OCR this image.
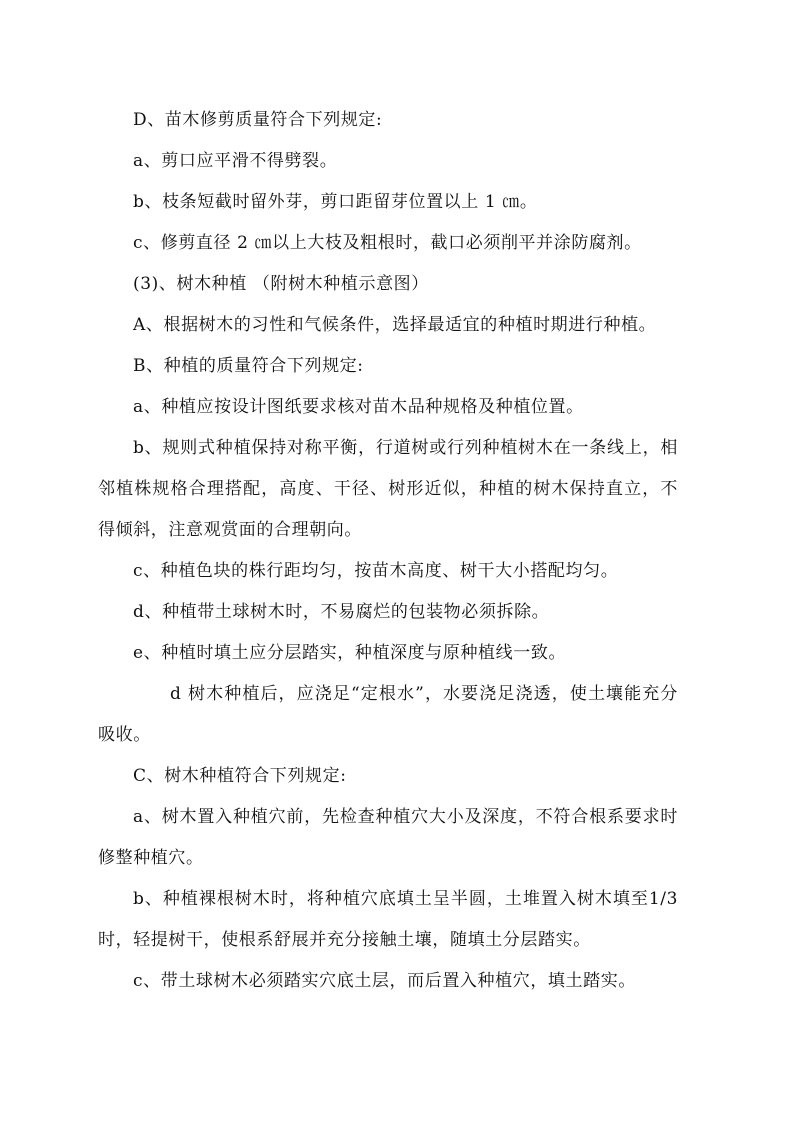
D、苗木修剪质量符合下列规定:

a、剪口应平滑不得劈裂。

b、枝条短截时留外芽，剪口距留芽位置以上 1 ㎝。

c、修剪直径 2 ㎝以上大枝及粗根时，截口必须削平并涂防腐剂。

(3)、树木种植 （附树木种植示意图）

A、根据树木的习性和气候条件，选择最适宜的种植时期进行种植。

B、种植的质量符合下列规定:

a、种植应按设计图纸要求核对苗木品种规格及种植位置。

b、规则式种植保持对称平衡，行道树或行列种植树木在一条线上，相邻植株规格合理搭配，高度、干径、树形近似，种植的树木保持直立，不得倾斜，注意观赏面的合理朝向。

c、种植色块的株行距均匀，按苗木高度、树干大小搭配均匀。

d、种植带土球树木时，不易腐烂的包装物必须拆除。

e、种植时填土应分层踏实，种植深度与原种植线一致。

d 树木种植后，应浇足“定根水”，水要浇足浇透，使土壤能充分吸收。

C、树木种植符合下列规定:

a、树木置入种植穴前，先检查种植穴大小及深度，不符合根系要求时修整种植穴。

b、种植裸根树木时，将种植穴底填土呈半圆，土堆置入树木填至1/3 时，轻提树干，使根系舒展并充分接触土壤，随填土分层踏实。

c、带土球树木必须踏实穴底土层，而后置入种植穴，填土踏实。
